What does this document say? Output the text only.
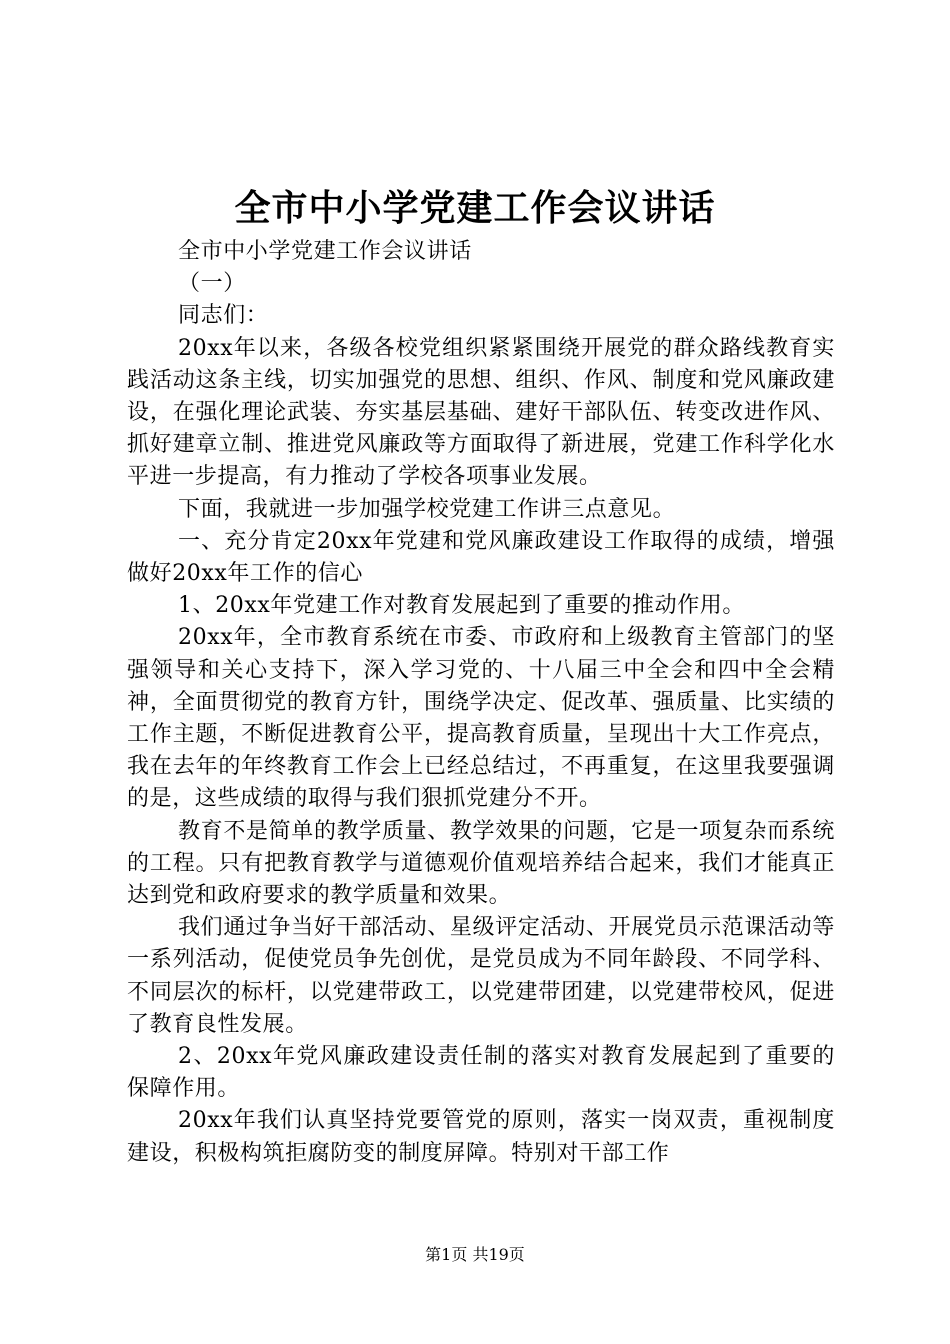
全市中小学党建工作会议讲话

全市中小学党建工作会议讲话

（一）

同志们：

20xx年以来，各级各校党组织紧紧围绕开展党的群众路线教育实践活动这条主线，切实加强党的思想、组织、作风、制度和党风廉政建设，在强化理论武装、夯实基层基础、建好干部队伍、转变改进作风、抓好建章立制、推进党风廉政等方面取得了新进展，党建工作科学化水平进一步提高，有力推动了学校各项事业发展。

下面，我就进一步加强学校党建工作讲三点意见。

一、充分肯定20xx年党建和党风廉政建设工作取得的成绩，增强做好20xx年工作的信心

1、20xx年党建工作对教育发展起到了重要的推动作用。

20xx年，全市教育系统在市委、市政府和上级教育主管部门的坚强领导和关心支持下，深入学习党的、十八届三中全会和四中全会精神，全面贯彻党的教育方针，围绕学决定、促改革、强质量、比实绩的工作主题，不断促进教育公平，提高教育质量，呈现出十大工作亮点，我在去年的年终教育工作会上已经总结过，不再重复，在这里我要强调的是，这些成绩的取得与我们狠抓党建分不开。

教育不是简单的教学质量、教学效果的问题，它是一项复杂而系统的工程。只有把教育教学与道德观价值观培养结合起来，我们才能真正达到党和政府要求的教学质量和效果。

我们通过争当好干部活动、星级评定活动、开展党员示范课活动等一系列活动，促使党员争先创优，是党员成为不同年龄段、不同学科、不同层次的标杆，以党建带政工，以党建带团建，以党建带校风，促进了教育良性发展。

2、20xx年党风廉政建设责任制的落实对教育发展起到了重要的保障作用。

20xx年我们认真坚持党要管党的原则，落实一岗双责，重视制度建设，积极构筑拒腐防变的制度屏障。特别对干部工作

第1页 共19页
